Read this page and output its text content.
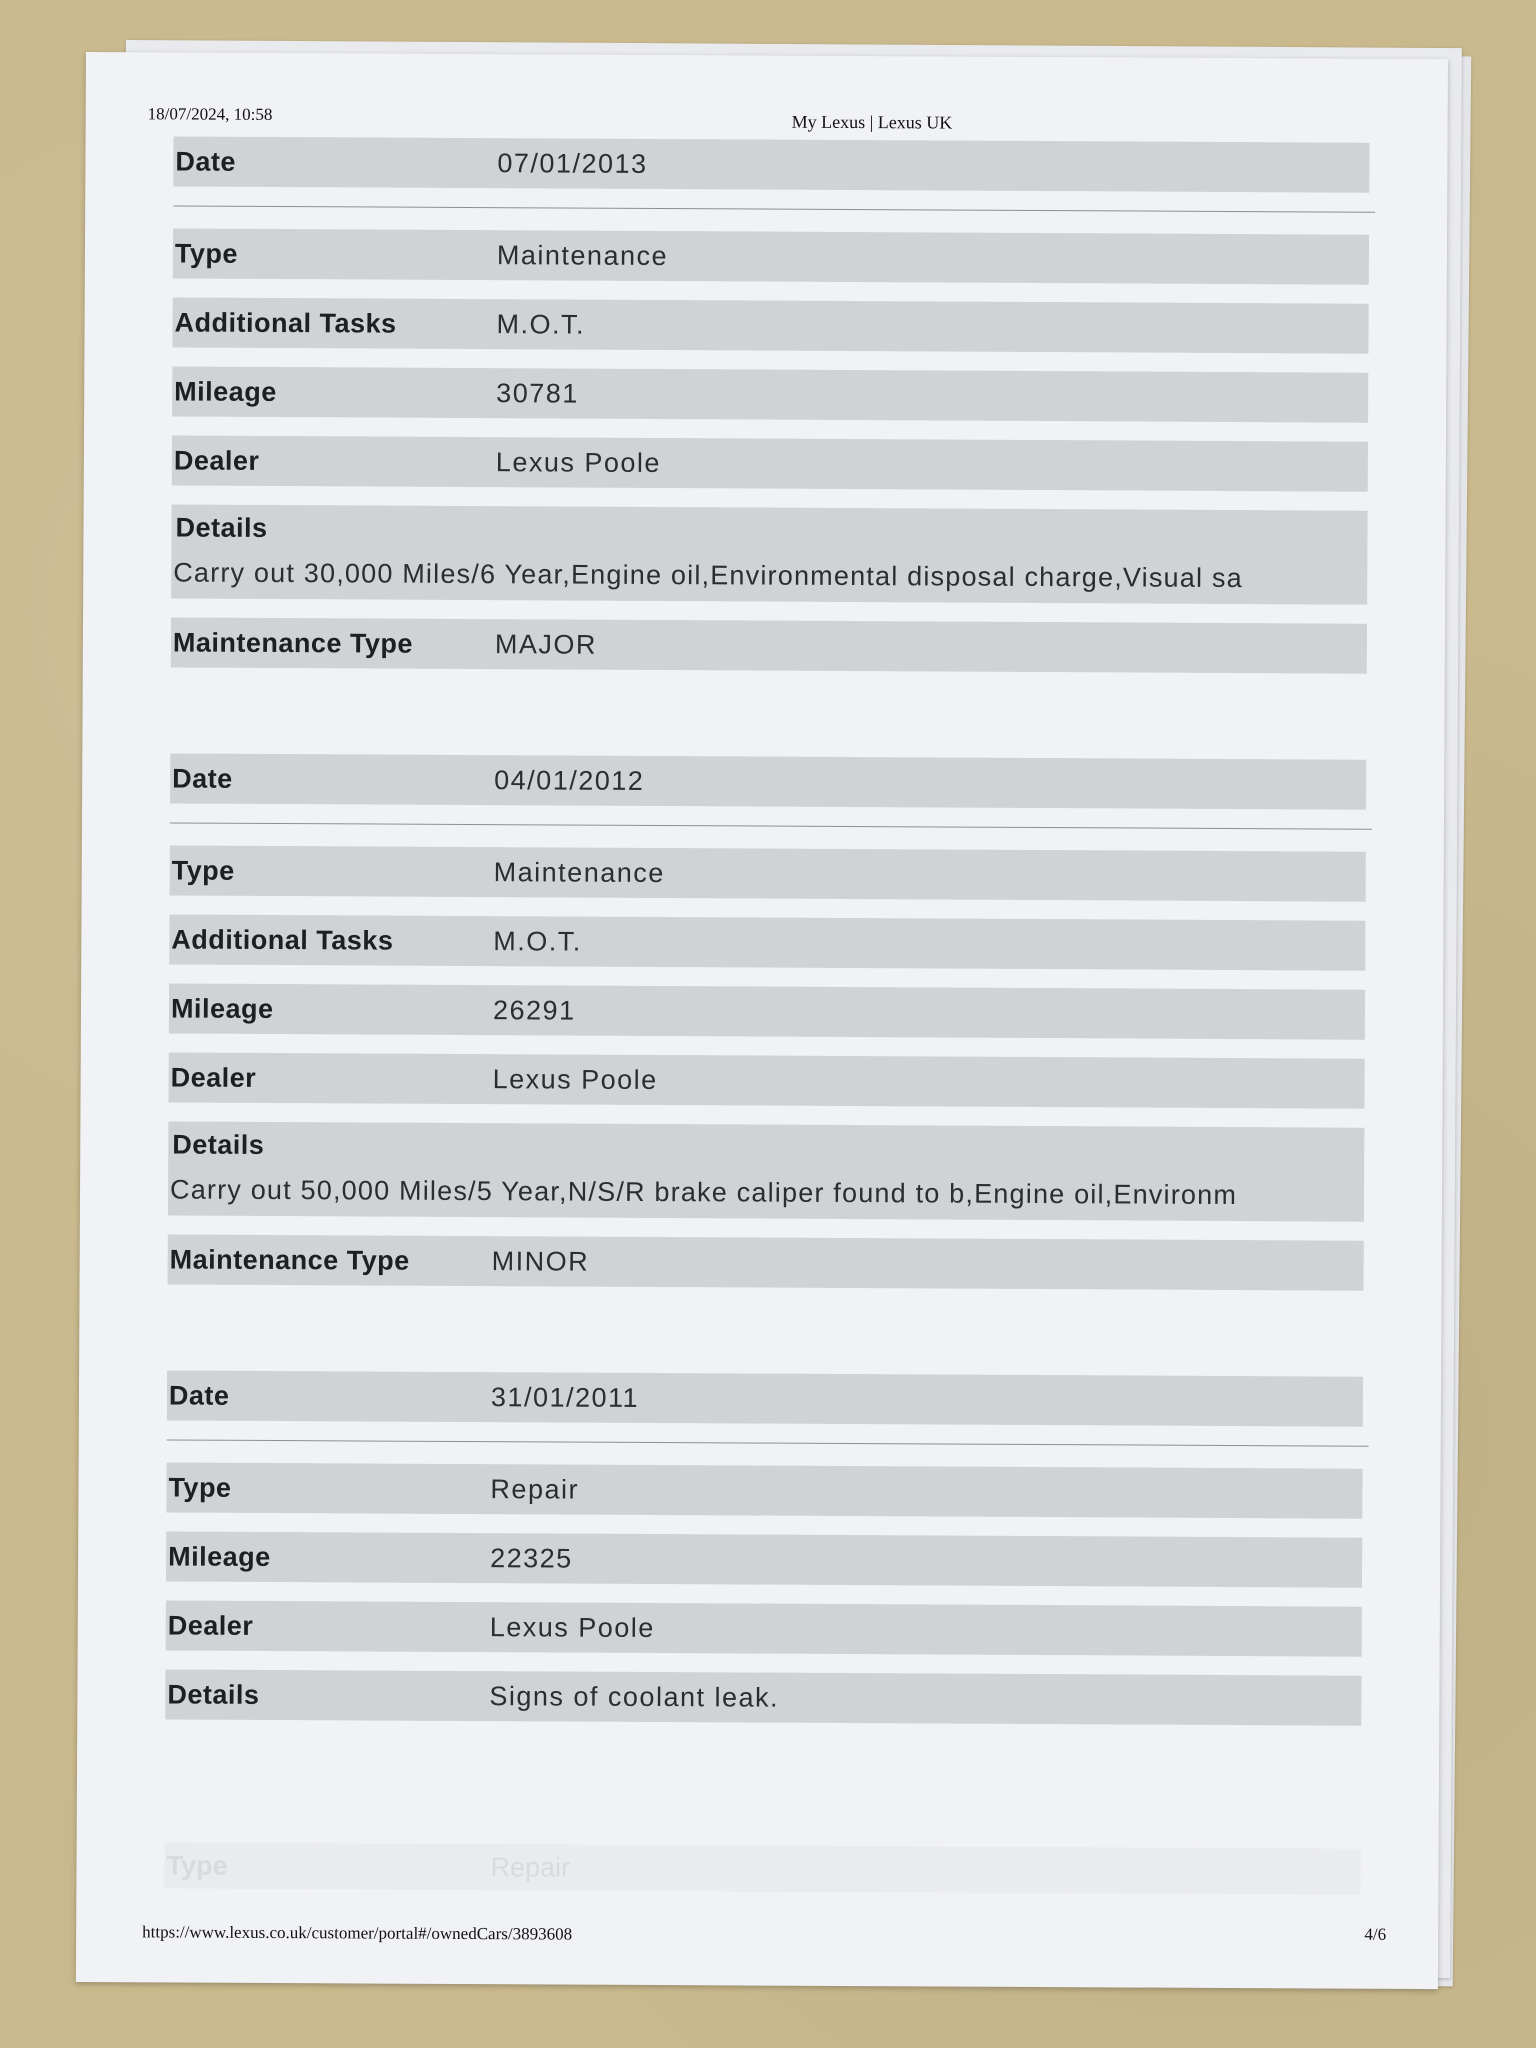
18/07/2024, 10:58	My Lexus | Lexus UK
Date	07/01/2013
Type	Maintenance
Additional Tasks	M.O.T.
Mileage	30781
Dealer	Lexus Poole
Details
Carry out 30,000 Miles/6 Year,Engine oil,Environmental disposal charge,Visual sa
Maintenance Type	MAJOR
Date	04/01/2012
Type	Maintenance
Additional Tasks	M.O.T.
Mileage	26291
Dealer	Lexus Poole
Details
Carry out 50,000 Miles/5 Year,N/S/R brake caliper found to b,Engine oil,Environm
Maintenance Type	MINOR
Date	31/01/2011
Type	Repair
Mileage	22325
Dealer	Lexus Poole
Details	Signs of coolant leak.
Type	Repair
https://www.lexus.co.uk/customer/portal#/ownedCars/3893608	4/6
